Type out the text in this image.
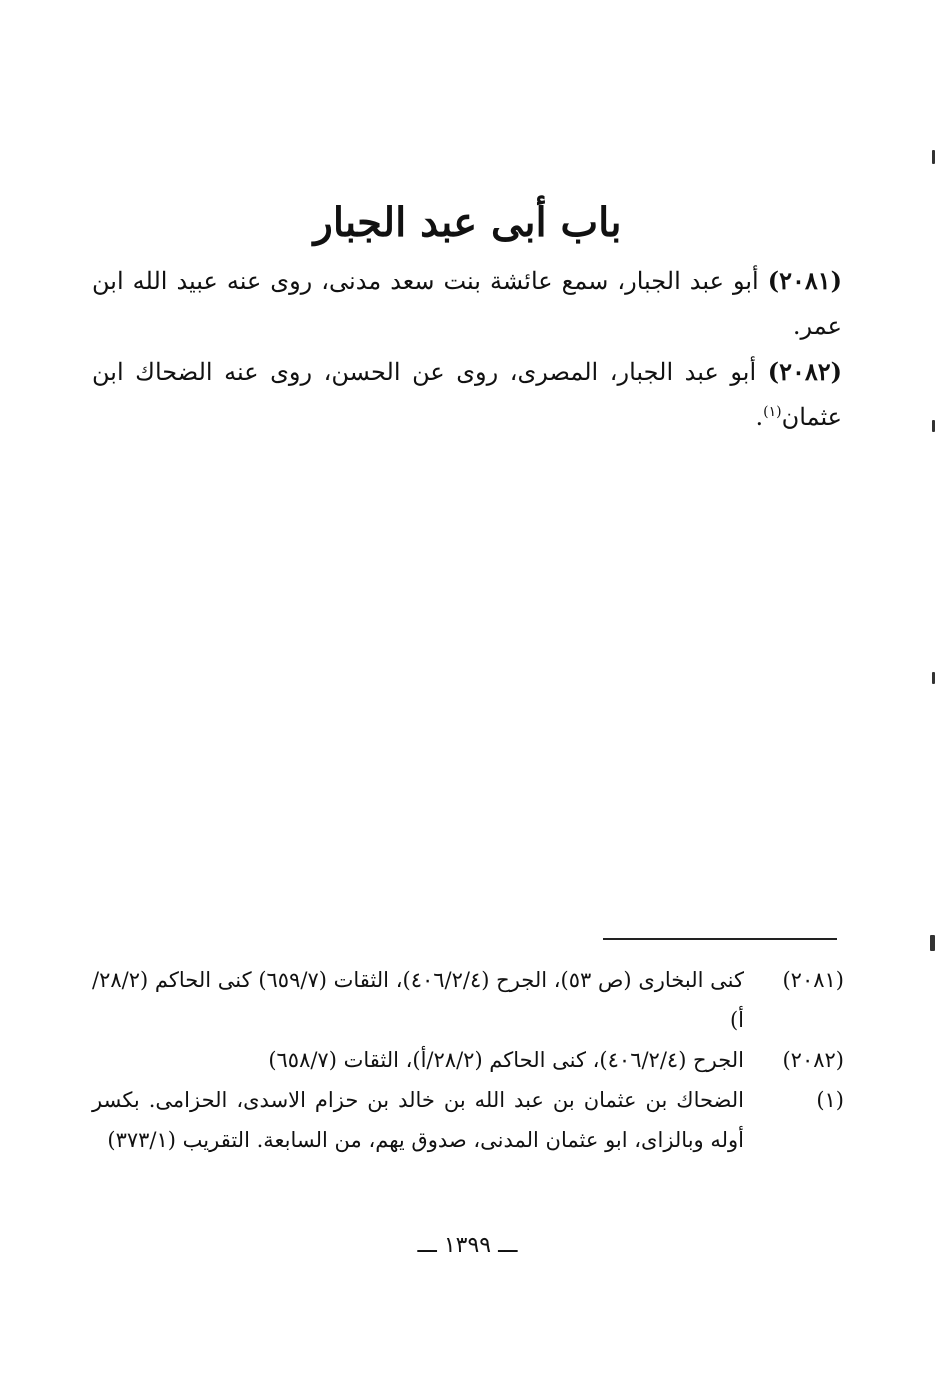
باب أبى عبد الجبار

(٢٠٨١) أبو عبد الجبار، سمع عائشة بنت سعد مدنى، روى عنه عبيد الله ابن عمر.

(٢٠٨٢) أبو عبد الجبار، المصرى، روى عن الحسن، روى عنه الضحاك ابن عثمان$^{(١)}$.

(٢٠٨١)
كنى البخارى (ص ٥٣)، الجرح (٤٠٦/٢/٤)، الثقات (٦٥٩/٧) كنى الحاكم (٢٨/٢/أ)
(٢٠٨٢)
الجرح (٤٠٦/٢/٤)، كنى الحاكم (٢٨/٢/أ)، الثقات (٦٥٨/٧)
(١)
الضحاك بن عثمان بن عبد الله بن خالد بن حزام الاسدى، الحزامى. بكسر أوله وبالزاى، ابو عثمان المدنى، صدوق يهم، من السابعة. التقريب (٣٧٣/١)
ـــ ١٣٩٩ ـــ
